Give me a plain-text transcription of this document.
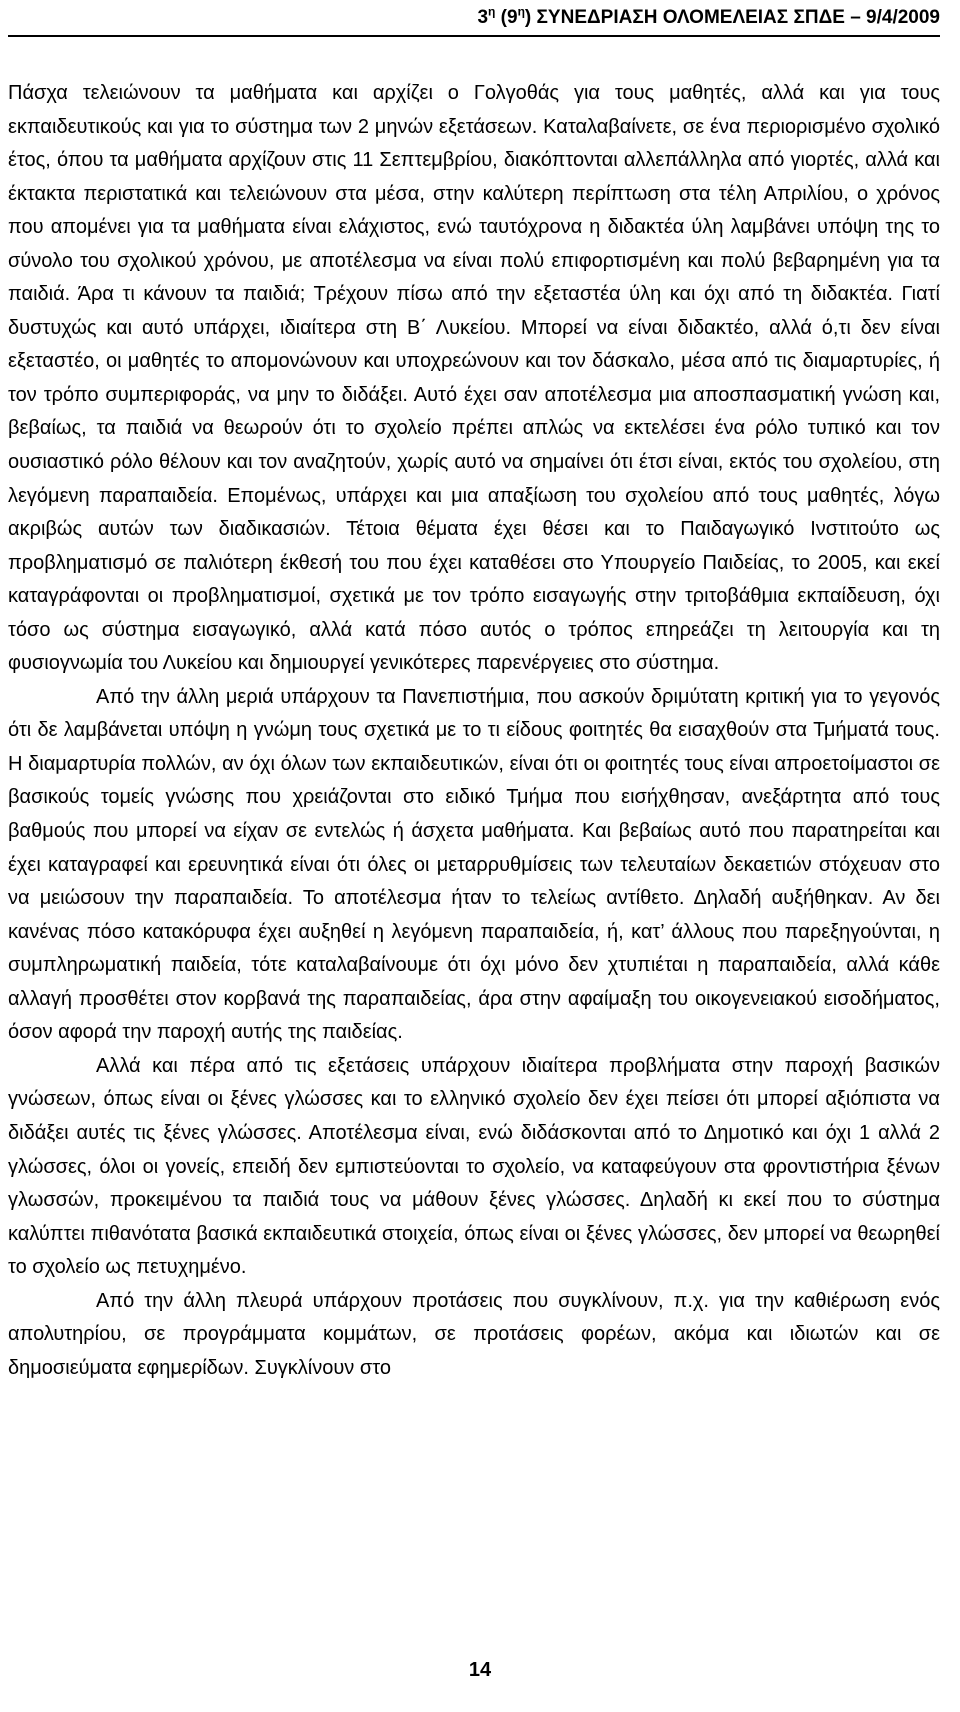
$3^\eta$ $(9^\eta)$ ΣΥΝΕΔΡΙΑΣΗ ΟΛΟΜΕΛΕΙΑΣ ΣΠΔΕ – 9/4/2009

Πάσχα τελειώνουν τα μαθήματα και αρχίζει ο Γολγοθάς για τους μαθητές, αλλά και για τους εκπαιδευτικούς και για το σύστημα των 2 μηνών εξετάσεων. Καταλαβαίνετε, σε ένα περιορισμένο σχολικό έτος, όπου τα μαθήματα αρχίζουν στις 11 Σεπτεμβρίου, διακόπτονται αλλεπάλληλα από γιορτές, αλλά και έκτακτα περιστατικά και τελειώνουν στα μέσα, στην καλύτερη περίπτωση στα τέλη Απριλίου, ο χρόνος που απομένει για τα μαθήματα είναι ελάχιστος, ενώ ταυτόχρονα η διδακτέα ύλη λαμβάνει υπόψη της το σύνολο του σχολικού χρόνου, με αποτέλεσμα να είναι πολύ επιφορτισμένη και πολύ βεβαρημένη για τα παιδιά. Άρα τι κάνουν τα παιδιά; Τρέχουν πίσω από την εξεταστέα ύλη και όχι από τη διδακτέα. Γιατί δυστυχώς και αυτό υπάρχει, ιδιαίτερα στη Β΄ Λυκείου. Μπορεί να είναι διδακτέο, αλλά ό,τι δεν είναι εξεταστέο, οι μαθητές το απομονώνουν και υποχρεώνουν και τον δάσκαλο, μέσα από τις διαμαρτυρίες, ή τον τρόπο συμπεριφοράς, να μην το διδάξει. Αυτό έχει σαν αποτέλεσμα μια αποσπασματική γνώση και, βεβαίως, τα παιδιά να θεωρούν ότι το σχολείο πρέπει απλώς να εκτελέσει ένα ρόλο τυπικό και τον ουσιαστικό ρόλο θέλουν και τον αναζητούν, χωρίς αυτό να σημαίνει ότι έτσι είναι, εκτός του σχολείου, στη λεγόμενη παραπαιδεία. Επομένως, υπάρχει και μια απαξίωση του σχολείου από τους μαθητές, λόγω ακριβώς αυτών των διαδικασιών. Τέτοια θέματα έχει θέσει και το Παιδαγωγικό Ινστιτούτο ως προβληματισμό σε παλιότερη έκθεσή του που έχει καταθέσει στο Υπουργείο Παιδείας, το 2005, και εκεί καταγράφονται οι προβληματισμοί, σχετικά με τον τρόπο εισαγωγής στην τριτοβάθμια εκπαίδευση, όχι τόσο ως σύστημα εισαγωγικό, αλλά κατά πόσο αυτός ο τρόπος επηρεάζει τη λειτουργία και τη φυσιογνωμία του Λυκείου και δημιουργεί γενικότερες παρενέργειες στο σύστημα.

Από την άλλη μεριά υπάρχουν τα Πανεπιστήμια, που ασκούν δριμύτατη κριτική για το γεγονός ότι δε λαμβάνεται υπόψη η γνώμη τους σχετικά με το τι είδους φοιτητές θα εισαχθούν στα Τμήματά τους. Η διαμαρτυρία πολλών, αν όχι όλων των εκπαιδευτικών, είναι ότι οι φοιτητές τους είναι απροετοίμαστοι σε βασικούς τομείς γνώσης που χρειάζονται στο ειδικό Τμήμα που εισήχθησαν, ανεξάρτητα από τους βαθμούς που μπορεί να είχαν σε εντελώς ή άσχετα μαθήματα. Και βεβαίως αυτό που παρατηρείται και έχει καταγραφεί και ερευνητικά είναι ότι όλες οι μεταρρυθμίσεις των τελευταίων δεκαετιών στόχευαν στο να μειώσουν την παραπαιδεία. Το αποτέλεσμα ήταν το τελείως αντίθετο. Δηλαδή αυξήθηκαν. Αν δει κανένας πόσο κατακόρυφα έχει αυξηθεί η λεγόμενη παραπαιδεία, ή, κατ’ άλλους που παρεξηγούνται, η συμπληρωματική παιδεία, τότε καταλαβαίνουμε ότι όχι μόνο δεν χτυπιέται η παραπαιδεία, αλλά κάθε αλλαγή προσθέτει στον κορβανά της παραπαιδείας, άρα στην αφαίμαξη του οικογενειακού εισοδήματος, όσον αφορά την παροχή αυτής της παιδείας.

Αλλά και πέρα από τις εξετάσεις υπάρχουν ιδιαίτερα προβλήματα στην παροχή βασικών γνώσεων, όπως είναι οι ξένες γλώσσες και το ελληνικό σχολείο δεν έχει πείσει ότι μπορεί αξιόπιστα να διδάξει αυτές τις ξένες γλώσσες. Αποτέλεσμα είναι, ενώ διδάσκονται από το Δημοτικό και όχι 1 αλλά 2 γλώσσες, όλοι οι γονείς, επειδή δεν εμπιστεύονται το σχολείο, να καταφεύγουν στα φροντιστήρια ξένων γλωσσών, προκειμένου τα παιδιά τους να μάθουν ξένες γλώσσες. Δηλαδή κι εκεί που το σύστημα καλύπτει πιθανότατα βασικά εκπαιδευτικά στοιχεία, όπως είναι οι ξένες γλώσσες, δεν μπορεί να θεωρηθεί το σχολείο ως πετυχημένο.

Από την άλλη πλευρά υπάρχουν προτάσεις που συγκλίνουν, π.χ. για την καθιέρωση ενός απολυτηρίου, σε προγράμματα κομμάτων, σε προτάσεις φορέων, ακόμα και ιδιωτών και σε δημοσιεύματα εφημερίδων. Συγκλίνουν στο

14
